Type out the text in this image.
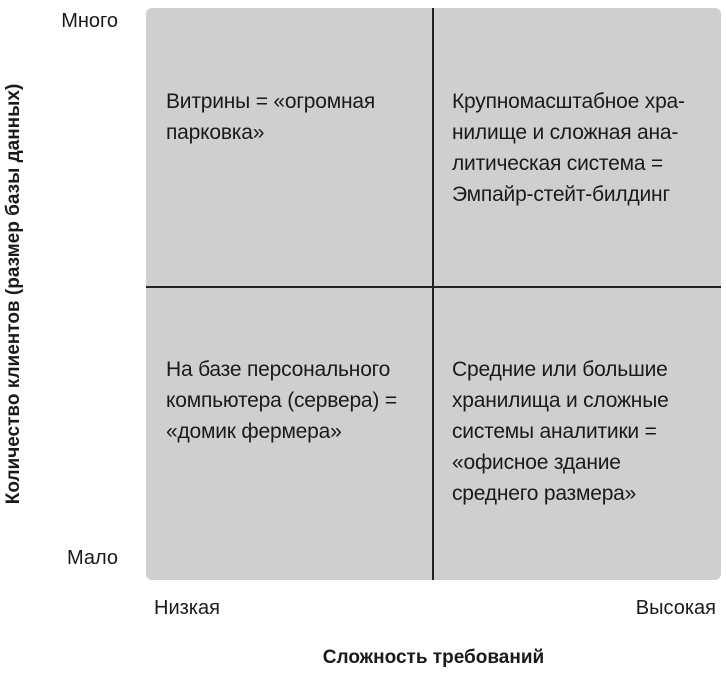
Количество клиентов (размер базы данных)
Много
Мало
Витрины = «огромная
парковка»
Крупномасштабное хра-
нилище и сложная ана-
литическая система =
Эмпайр-стейт-билдинг
На базе персонального
компьютера (сервера) =
«домик фермера»
Средние или большие
хранилища и сложные
системы аналитики =
«офисное здание
среднего размера»
Низкая	Высокая
Сложность требований
